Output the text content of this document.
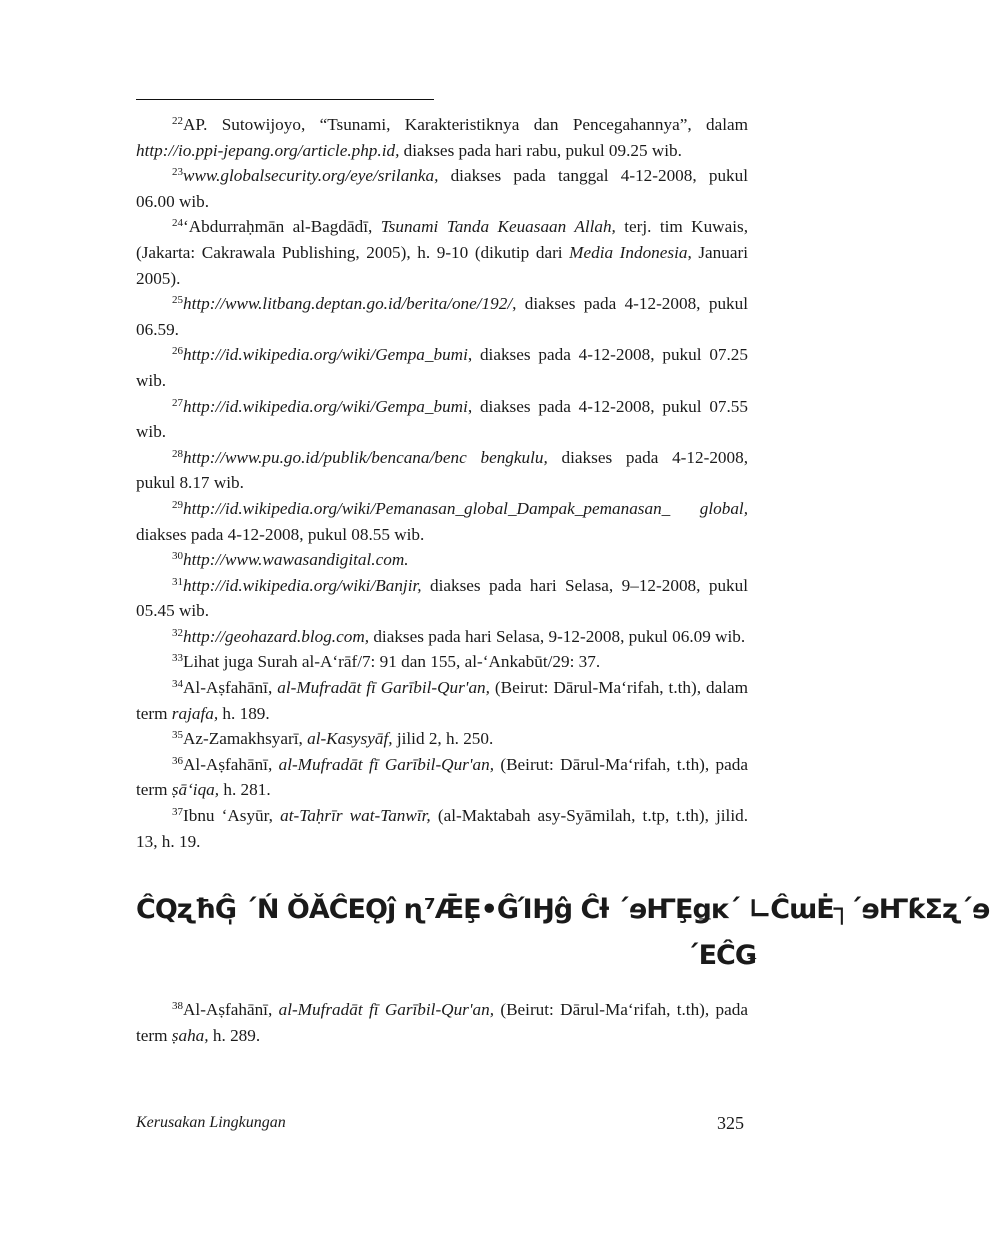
$^{22}$AP. Sutowijoyo, “Tsunami, Karakteristiknya dan Pencegahannya”, dalam http://io.ppi-jepang.org/article.php.id, diakses pada hari rabu, pukul 09.25 wib.

$^{23}$www.globalsecurity.org/eye/srilanka, diakses pada tanggal 4-12-2008, pukul 06.00 wib.

$^{24}$‘Abdurraḥmān al-Bagdādī, Tsunami Tanda Keuasaan Allah, terj. tim Kuwais, (Jakarta: Cakrawala Publishing, 2005), h. 9-10 (dikutip dari Media Indonesia, Januari 2005).

$^{25}$http://www.litbang.deptan.go.id/berita/one/192/, diakses pada 4-12-2008, pukul 06.59.

$^{26}$http://id.wikipedia.org/wiki/Gempa_bumi, diakses pada 4-12-2008, pukul 07.25 wib.

$^{27}$http://id.wikipedia.org/wiki/Gempa_bumi, diakses pada 4-12-2008, pukul 07.55 wib.

$^{28}$http://www.pu.go.id/publik/bencana/benc bengkulu, diakses pada 4-12-2008, pukul 8.17 wib.

$^{29}$http://id.wikipedia.org/wiki/Pemanasan_global_Dampak_pemanasan_ global, diakses pada 4-12-2008, pukul 08.55 wib.

$^{30}$http://www.wawasandigital.com.

$^{31}$http://id.wikipedia.org/wiki/Banjir, diakses pada hari Selasa, 9–12-2008, pukul 05.45 wib.

$^{32}$http://geohazard.blog.com, diakses pada hari Selasa, 9-12-2008, pukul 06.09 wib.

$^{33}$Lihat juga Surah al-A‘rāf/7: 91 dan 155, al-‘Ankabūt/29: 37.

$^{34}$Al-Aṣfahānī, al-Mufradāt fī Garībil-Qur'an, (Beirut: Dārul-Ma‘rifah, t.th), dalam term rajafa, h. 189.

$^{35}$Az-Zamakhsyarī, al-Kasysyāf, jilid 2, h. 250.

$^{36}$Al-Aṣfahānī, al-Mufradāt fī Garībil-Qur'an, (Beirut: Dārul-Ma‘rifah, t.th), pada term ṣā‘iqa, h. 281.

$^{37}$Ibnu ‘Asyūr, at-Taḥrīr wat-Tanwīr, (al-Maktabah asy-Syāmilah, t.tp, t.th), jilid. 13, h. 19.

ĈQʐħĜ̩ ˊŃ ŎǍĈEǪĵ ɳ⁷ǢȨ•ĜΊӇĝ Ĉƚ ˊɘҤȨǥĸˊ ∟ĈɯĖ┐ˊɘҤƙΣʐˊɘ
ˊEĈǤ

$^{38}$Al-Aṣfahānī, al-Mufradāt fī Garībil-Qur'an, (Beirut: Dārul-Ma‘rifah, t.th), pada term ṣaha, h. 289.

Kerusakan Lingkungan	325
